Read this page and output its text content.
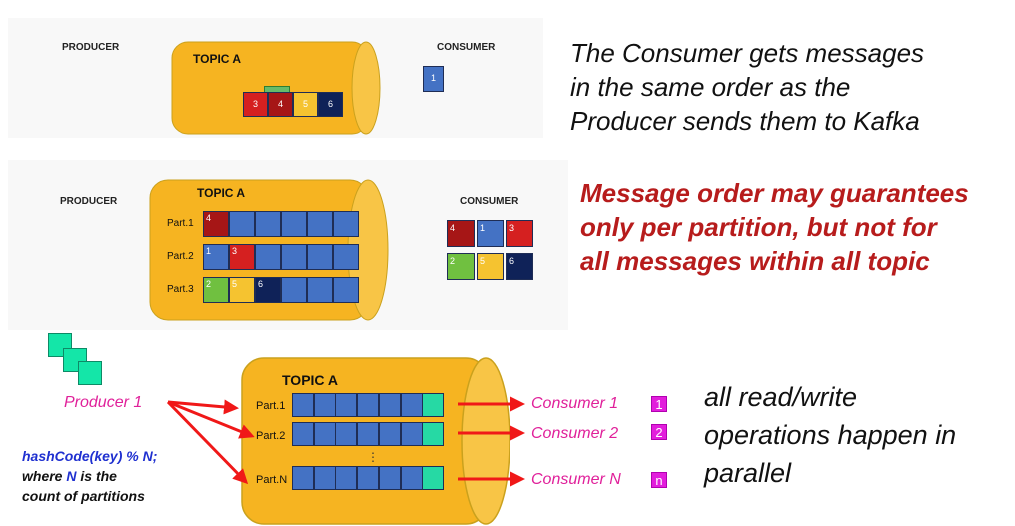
PRODUCER	CONSUMER
TOPIC A
3	4	5	6
1
The Consumer gets messages
in the same order as the
Producer sends them to Kafka
PRODUCER	CONSUMER
TOPIC A
Part.1
Part.2
Part.3
4
1	3
2	5	6
4	1	3
2	5	6
Message order may guarantees
only per partition, but not for
all messages within all topic
Producer 1
TOPIC A
Part.1
Part.2
Part.N
⋮
Consumer 1
Consumer 2
Consumer N
1
2
n
hashCode(key) % N;
where N is the
count of partitions
all read/write
operations happen in
parallel
